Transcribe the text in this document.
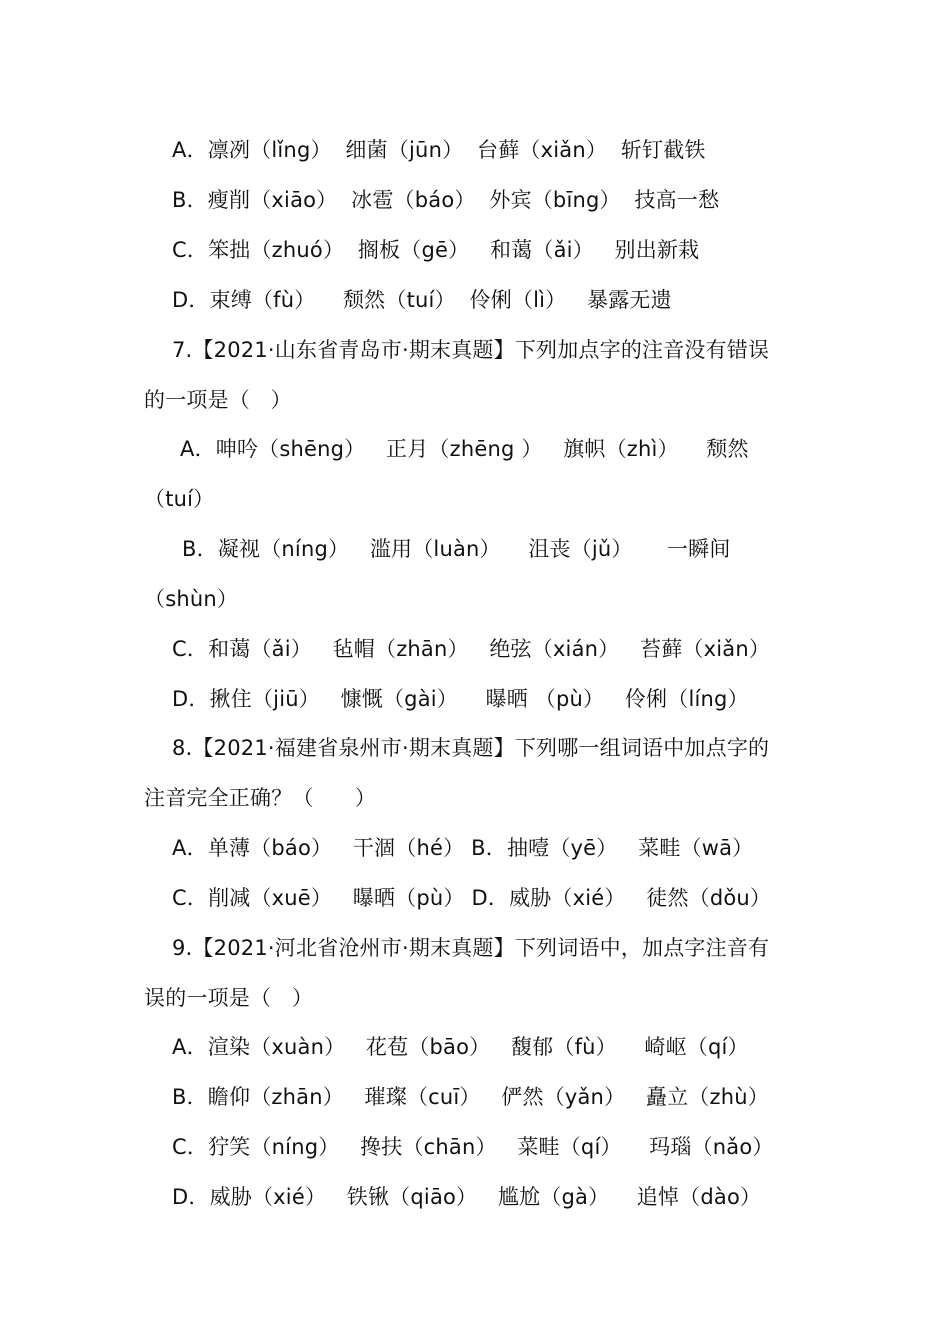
A．凛冽（lǐng）  细菌（jūn）  台藓（xiǎn）  斩钉截铁
B．瘦削（xiāo）  冰雹（báo）  外宾（bīng）  技高一愁
C．笨拙（zhuó）  搁板（gē）   和蔼（ǎi）   别出新栽
D．束缚（fù）    颓然（tuí）  伶俐（lì）   暴露无遗
7.【2021·山东省青岛市·期末真题】下列加点字的注音没有错误
的一项是（   ）
A．呻吟（shēng）   正月（zhēng ）   旗帜（zhì）    颓然
（tuí）
B．凝视（níng）   滥用（luàn）    沮丧（jǔ）     一瞬间
（shùn）
C．和蔼（ǎi）   毡帽（zhān）   绝弦（xián）   苔藓（xiǎn）
D．揪住（jiū）   慷慨（gài）    曝晒 （pù）   伶俐（líng）
8.【2021·福建省泉州市·期末真题】下列哪一组词语中加点字的
注音完全正确？（      ）
A．单薄（báo）   干涸（hé） B．抽噎（yē）   菜畦（wā）
C．削减（xuē）   曝晒（pù） D．威胁（xié）   徒然（dǒu）
9.【2021·河北省沧州市·期末真题】下列词语中，加点字注音有
误的一项是（   ）
A．渲染（xuàn）   花苞（bāo）   馥郁（fù）    崎岖（qí）
B．瞻仰（zhān）   璀璨（cuī）   俨然（yǎn）   矗立（zhù）
C．狞笑（níng）   搀扶（chān）   菜畦（qí）    玛瑙（nǎo）
D．威胁（xié）   铁锹（qiāo）   尴尬（gà）    追悼（dào）
